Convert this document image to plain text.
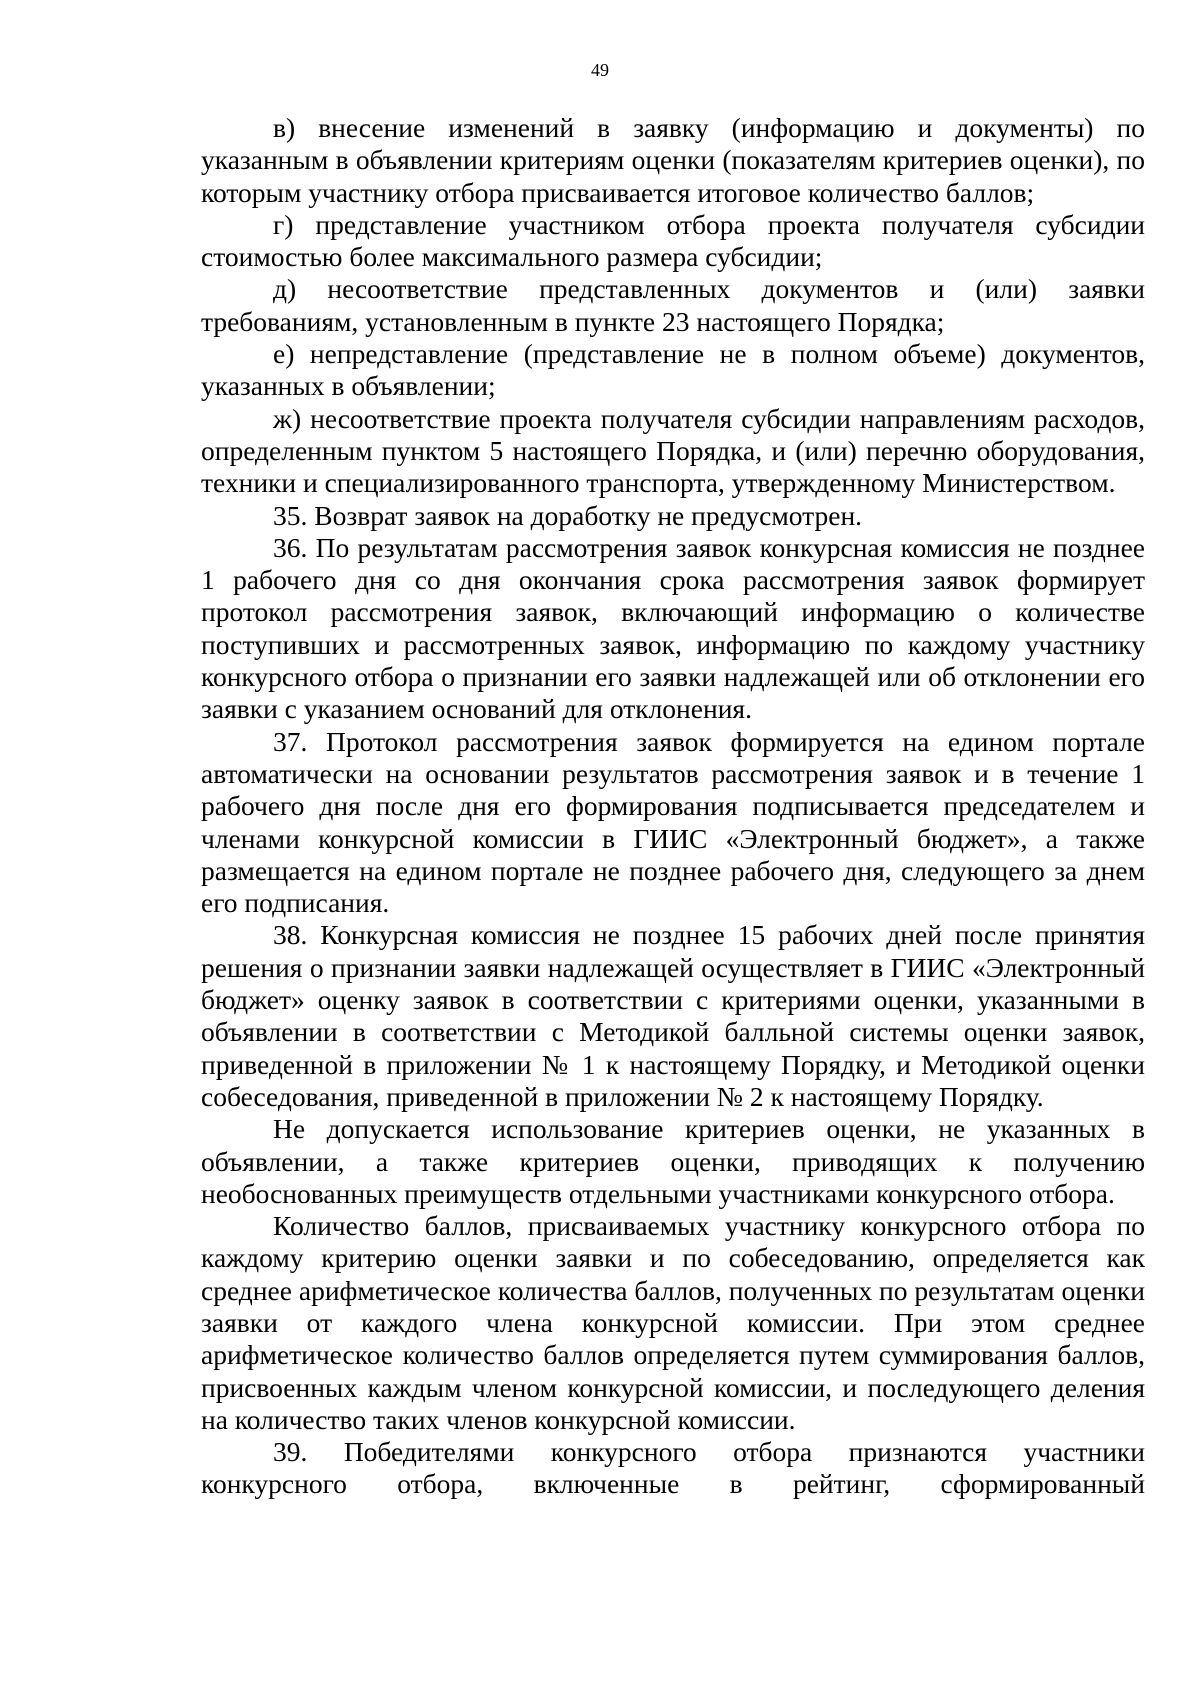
49

в) внесение изменений в заявку (информацию и документы) по указанным в объявлении критериям оценки (показателям критериев оценки), по которым участнику отбора присваивается итоговое количество баллов;

г) представление участником отбора проекта получателя субсидии стоимостью более максимального размера субсидии;

д) несоответствие представленных документов и (или) заявки требованиям, установленным в пункте 23 настоящего Порядка;

е) непредставление (представление не в полном объеме) документов, указанных в объявлении;

ж) несоответствие проекта получателя субсидии направлениям расходов, определенным пунктом 5 настоящего Порядка, и (или) перечню оборудования, техники и специализированного транспорта, утвержденному Министерством.

35. Возврат заявок на доработку не предусмотрен.

36. По результатам рассмотрения заявок конкурсная комиссия не позднее 1 рабочего дня со дня окончания срока рассмотрения заявок формирует протокол рассмотрения заявок, включающий информацию о количестве поступивших и рассмотренных заявок, информацию по каждому участнику конкурсного отбора о признании его заявки надлежащей или об отклонении его заявки с указанием оснований для отклонения.

37. Протокол рассмотрения заявок формируется на едином портале автоматически на основании результатов рассмотрения заявок и в течение 1 рабочего дня после дня его формирования подписывается председателем и членами конкурсной комиссии в ГИИС «Электронный бюджет», а также размещается на едином портале не позднее рабочего дня, следующего за днем его подписания.

38. Конкурсная комиссия не позднее 15 рабочих дней после принятия решения о признании заявки надлежащей осуществляет в ГИИС «Электронный бюджет» оценку заявок в соответствии с критериями оценки, указанными в объявлении в соответствии с Методикой балльной системы оценки заявок, приведенной в приложении № 1 к настоящему Порядку, и Методикой оценки собеседования, приведенной в приложении № 2 к настоящему Порядку.

Не допускается использование критериев оценки, не указанных в объявлении, а также критериев оценки, приводящих к получению необоснованных преимуществ отдельными участниками конкурсного отбора.

Количество баллов, присваиваемых участнику конкурсного отбора по каждому критерию оценки заявки и по собеседованию, определяется как среднее арифметическое количества баллов, полученных по результатам оценки заявки от каждого члена конкурсной комиссии. При этом среднее арифметическое количество баллов определяется путем суммирования баллов, присвоенных каждым членом конкурсной комиссии, и последующего деления на количество таких членов конкурсной комиссии.

39. Победителями конкурсного отбора признаются участники конкурсного отбора, включенные в рейтинг, сформированный
